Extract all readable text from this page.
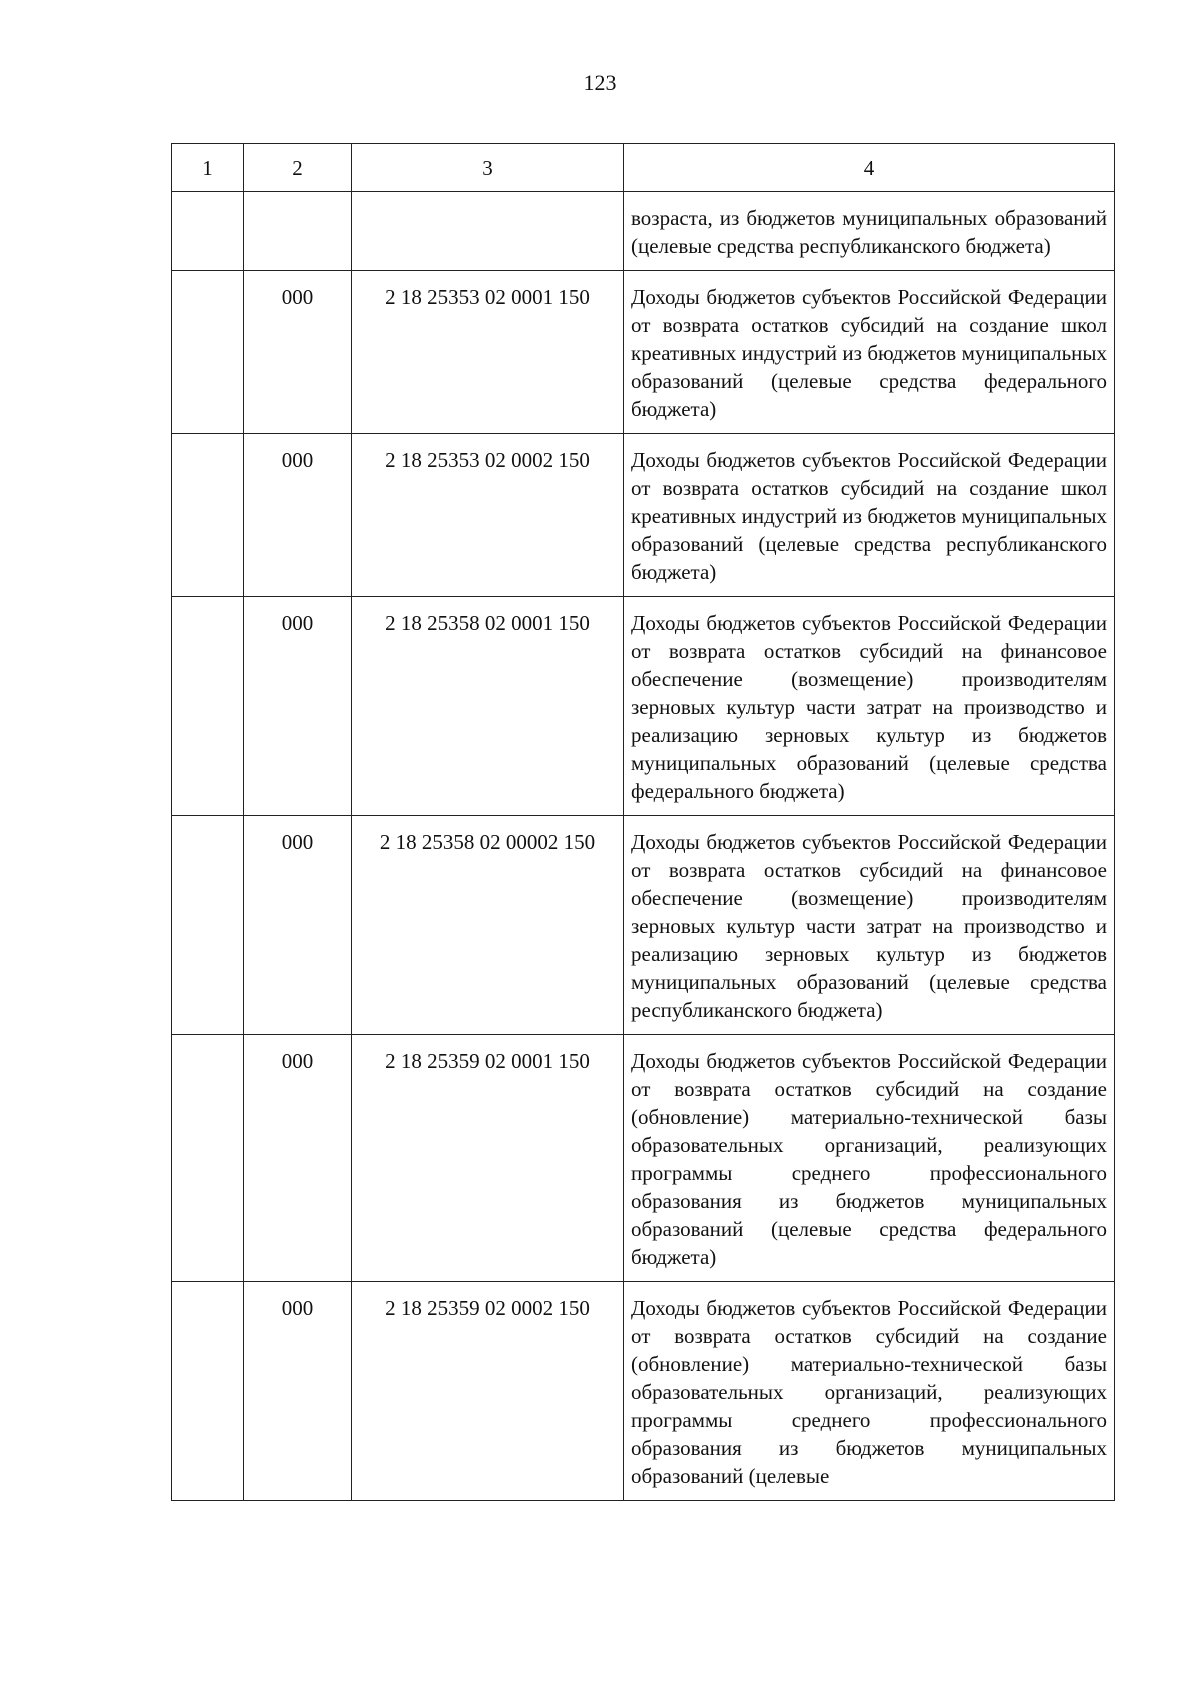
123
1	2	3	4
			возраста, из бюджетов муниципальных образований (целевые средства республиканского бюджета)
	000	2 18 25353 02 0001 150	Доходы бюджетов субъектов Российской Федерации от возврата остатков субсидий на создание школ креативных индустрий из бюджетов муниципальных образований (целевые средства федерального бюджета)
	000	2 18 25353 02 0002 150	Доходы бюджетов субъектов Российской Федерации от возврата остатков субсидий на создание школ креативных индустрий из бюджетов муниципальных образований (целевые средства республиканского бюджета)
	000	2 18 25358 02 0001 150	Доходы бюджетов субъектов Российской Федерации от возврата остатков субсидий на финансовое обеспечение (возмещение) производителям зерновых культур части затрат на производство и реализацию зерновых культур из бюджетов муниципальных образований (целевые средства федерального бюджета)
	000	2 18 25358 02 00002 150	Доходы бюджетов субъектов Российской Федерации от возврата остатков субсидий на финансовое обеспечение (возмещение) производителям зерновых культур части затрат на производство и реализацию зерновых культур из бюджетов муниципальных образований (целевые средства республиканского бюджета)
	000	2 18 25359 02 0001 150	Доходы бюджетов субъектов Российской Федерации от возврата остатков субсидий на создание (обновление) материально-технической базы образовательных организаций, реализующих программы среднего профессионального образования из бюджетов муниципальных образований (целевые средства федерального бюджета)
	000	2 18 25359 02 0002 150	Доходы бюджетов субъектов Российской Федерации от возврата остатков субсидий на создание (обновление) материально-технической базы образовательных организаций, реализующих программы среднего профессионального образования из бюджетов муниципальных образований (целевые
